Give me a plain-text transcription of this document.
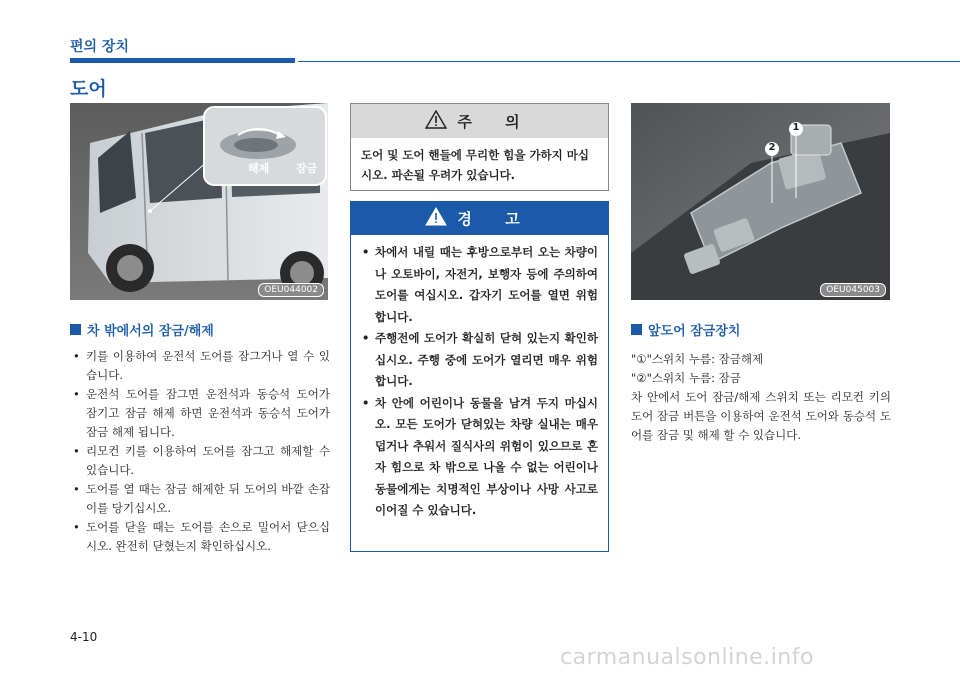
편의 장치
도어
해제 잠금
OEU044002
차 밖에서의 잠금/해제
• 키를 이용하여 운전석 도어를 잠그거나 열 수 있습니다.
• 운전석 도어를 잠그면 운전석과 동승석 도어가 잠기고 잠금 해제 하면 운전석과 동승석 도어가 잠금 해제 됩니다.
• 리모컨 키를 이용하여 도어를 잠그고 해제할 수 있습니다.
• 도어를 열 때는 잠금 해제한 뒤 도어의 바깥 손잡이를 당기십시오.
• 도어를 닫을 때는 도어를 손으로 밀어서 닫으십시오. 완전히 닫혔는지 확인하십시오.
주 의
도어 및 도어 핸들에 무리한 힘을 가하지 마십시오. 파손될 우려가 있습니다.
경 고
• 차에서 내릴 때는 후방으로부터 오는 차량이나 오토바이, 자전거, 보행자 등에 주의하여 도어를 여십시오. 갑자기 도어를 열면 위험합니다.
• 주행전에 도어가 확실히 닫혀 있는지 확인하십시오. 주행 중에 도어가 열리면 매우 위험합니다.
• 차 안에 어린이나 동물을 남겨 두지 마십시오. 모든 도어가 닫혀있는 차량 실내는 매우 덥거나 추워서 질식사의 위험이 있으므로 혼자 힘으로 차 밖으로 나올 수 없는 어린이나 동물에게는 치명적인 부상이나 사망 사고로 이어질 수 있습니다.
2
1
OEU045003
앞도어 잠금장치
"①"스위치 누름: 잠금해제
"②"스위치 누름: 잠금
차 안에서 도어 잠금/해제 스위치 또는 리모컨 키의 도어 잠금 버튼을 이용하여 운전석 도어와 동승석 도어를 잠금 및 해제 할 수 있습니다.
4-10
carmanualsonline.info
